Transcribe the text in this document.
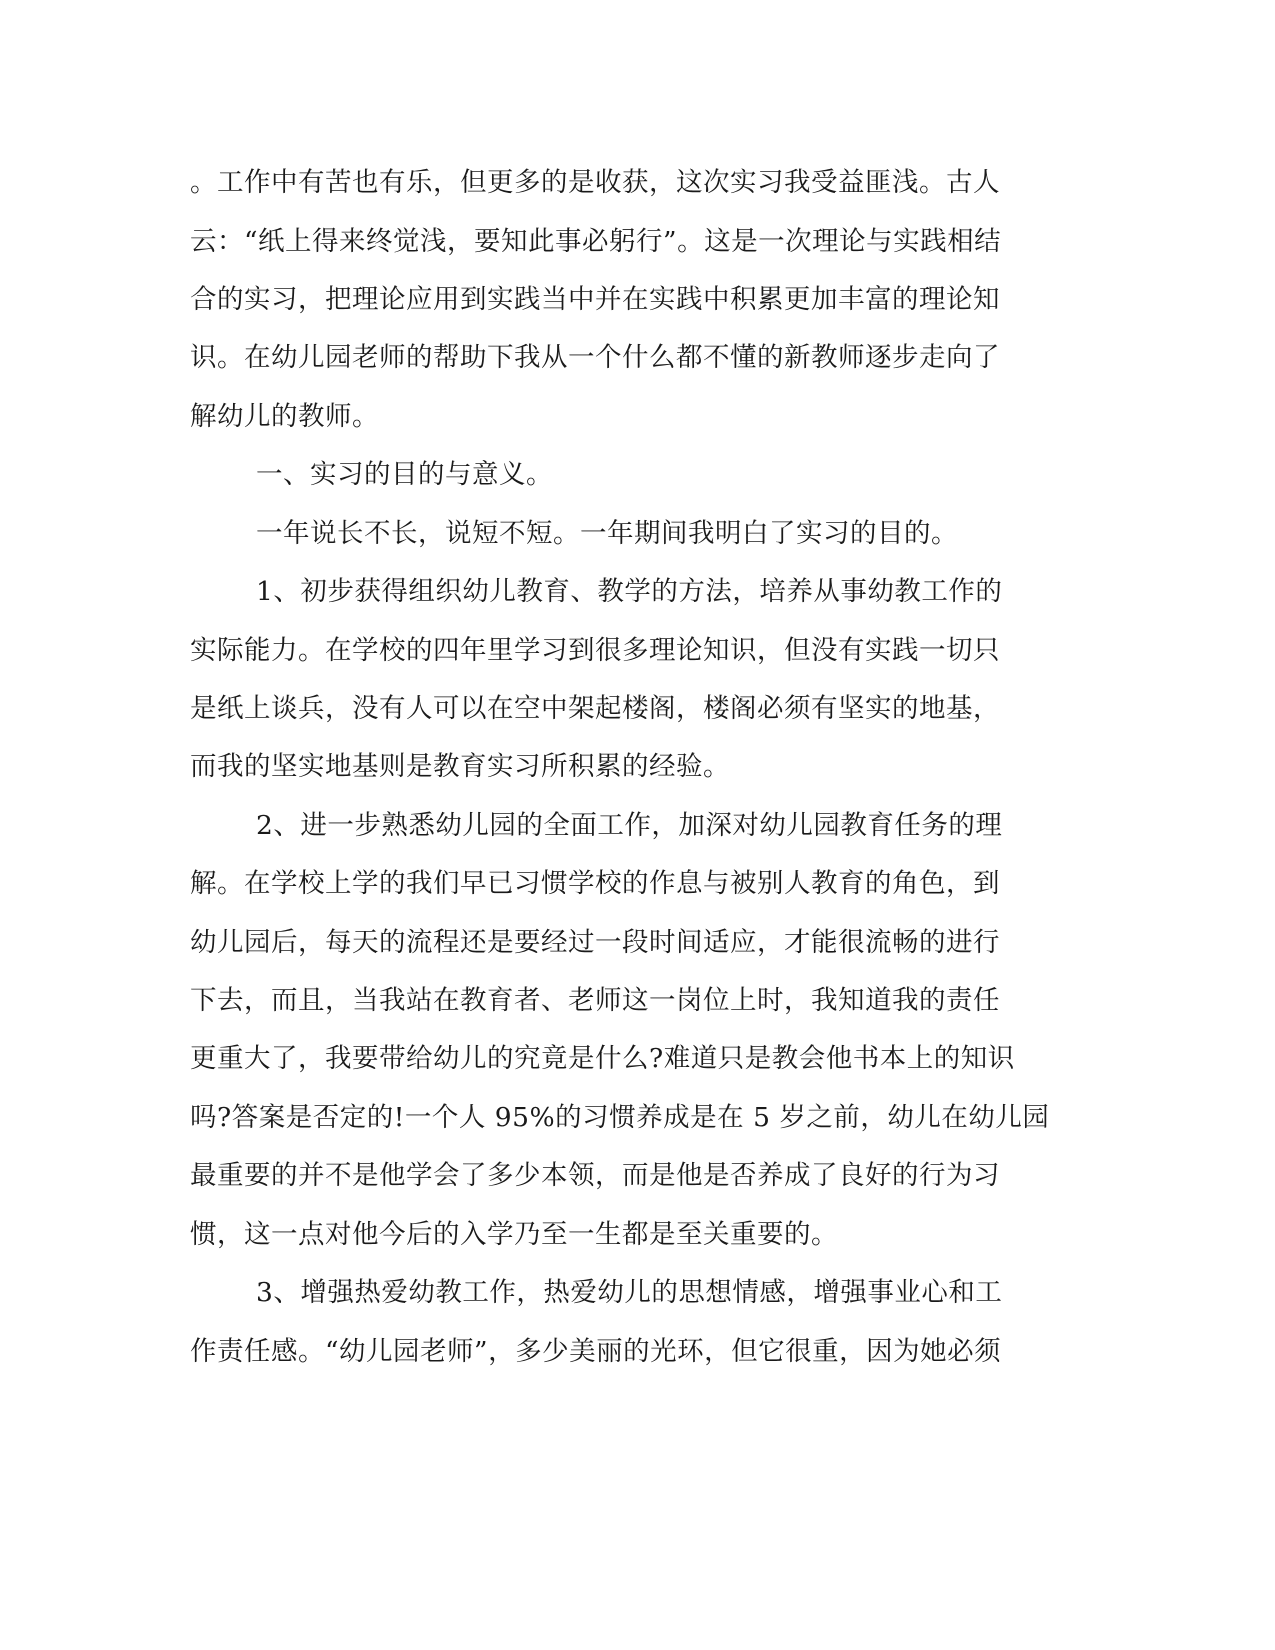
。工作中有苦也有乐，但更多的是收获，这次实习我受益匪浅。古人
云：“纸上得来终觉浅，要知此事必躬行”。这是一次理论与实践相结
合的实习，把理论应用到实践当中并在实践中积累更加丰富的理论知
识。在幼儿园老师的帮助下我从一个什么都不懂的新教师逐步走向了
解幼儿的教师。
一、实习的目的与意义。
一年说长不长，说短不短。一年期间我明白了实习的目的。
1、初步获得组织幼儿教育、教学的方法，培养从事幼教工作的
实际能力。在学校的四年里学习到很多理论知识，但没有实践一切只
是纸上谈兵，没有人可以在空中架起楼阁，楼阁必须有坚实的地基，
而我的坚实地基则是教育实习所积累的经验。
2、进一步熟悉幼儿园的全面工作，加深对幼儿园教育任务的理
解。在学校上学的我们早已习惯学校的作息与被别人教育的角色，到
幼儿园后，每天的流程还是要经过一段时间适应，才能很流畅的进行
下去，而且，当我站在教育者、老师这一岗位上时，我知道我的责任
更重大了，我要带给幼儿的究竟是什么?难道只是教会他书本上的知识
吗?答案是否定的!一个人 95%的习惯养成是在 5 岁之前，幼儿在幼儿园
最重要的并不是他学会了多少本领，而是他是否养成了良好的行为习
惯，这一点对他今后的入学乃至一生都是至关重要的。
3、增强热爱幼教工作，热爱幼儿的思想情感，增强事业心和工
作责任感。“幼儿园老师”，多少美丽的光环，但它很重，因为她必须
